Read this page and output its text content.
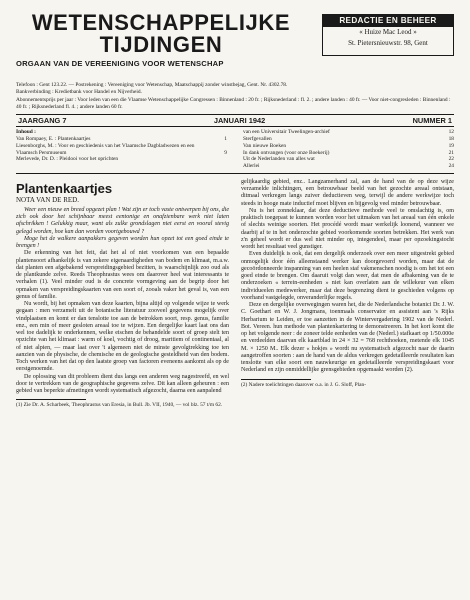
WETENSCHAPPELIJKE
TIJDINGEN
ORGAAN VAN DE VEREENIGING VOOR WETENSCHAP
REDACTIE EN BEHEER
« Huize Mac Leod »
St. Pietersnieuwstr. 98, Gent
Telefoon : Gent 123.22. — Postrekening : Vereeniging voor Wetenschap, Maatschappij zonder winstbejag, Gent. Nr. 4302.78.
Bankverbinding : Kredietbank voor Handel en Nijverheid.
Abonnementsprijs per jaar : Voor leden van een die Vlaamse Wetenschappelijke Congressen : Binnenland : 20 fr. ; Rijksnederland : fl. 2. ; andere landen : 40 fr. — Voor niet-congresleden : Binnenland : 40 fr. ; Rijksnederland fl. 4. ; andere landen 60 fr.
JAARGANG 7	JANUARI 1942	NUMMER 1
Inhoud :
Van Rompaey, E. : Plantenkaartjes	1
Liesenborghs, M. : Voor en geschiedenis van het Vlaamsche Dagbladwezen en een Vlaamsch Persmuseum	9
Merlevede, Dr. D. : Pleidooi voor het oprichten
van een Universitair Tweelingen-archief	12
Sterfgevallen	18
Van nieuwe Boeken	19
In dank ontvangen (voor onze Boekerij)	21
Uit de Nederlanden van alles wat	22
Allerlei	24
Plantenkaartjes
NOTA VAN DE RED.

Weer een nieuw en breed opgezet plan ! Wat zijn er toch vaste ontwerpen bij ons, die zich ook door het schijnbaar meest eentonige en onafzienbare werk niet laten afschrikken ! Gelukkig maar, want als zulke grondslagen niet eerst en vooral stevig gelegd worden, hoe kan dan worden voortgebouwd ?

Moge het de walkere aanpakkers gegeven worden hun opzet tot een goed einde te brengen !

De erkenning van het feit, dat het al of niet voorkomen van een bepaalde plantensoort afhankelijk is van zekere eigenaardigheden van bodem en klimaat, m.a.w. dat planten een afgebakend verspreidingsgebied bezitten, is waarschijnlijk zoo oud als de plantkunde zelve. Reeds Theophrastus wees om daarover heel wat interessants te verhalen (1). Veel minder oud is de concrete vormgeving aan de begrip door het opmaken van verspreidingskaarten van een soort of, zooals vaker het geval is, van een genus of familie.

Nu wordt, bij het opmaken van deze kaarten, bijna altijd op volgende wijze te werk gegaan : men verzamelt uit de botanische literatuur zooveel gegevens mogelijk over vindplaatsen en komt er dan tenslotte toe aan de betrokken soort, resp. genus, familie enz., een min of meer gesloten areaal toe te wijzen. Een dergelijke kaart laat ons dan wel toe dadelijk te onderkennen, welke eischen de behandelde soort of groep stelt ten opzichte van het klimaat : warm of koel, vochtig of droog, maritiem of continentaal, al of niet alpien, — maar laat over 't algemeen niet de minste gevolgtrekking toe ten aanzien van de physische, de chemische en de geologische gesteldheid van den bodem. Toch werken van het dat op den laatste groep van factoren eveneens aankomt als op de eerstgenoemde.

De oplossing van dit probleem dient dus langs een anderen weg nagestreefd, en wel door te vertrekken van de geographische gegevens zelve. Dit kan alleen geheuren : een gebied van beperkte afmetingen wordt systematisch afgezocht, daarna een aanpalend

(1) Zie Dr. A. Scharbeek, Theophrastus van Eresia, in Bull. Jb. VII, 1940, — vol blz. 57 t/m 62.

gelijkaardig gebied, enz.. Langzamerhand zal, aan de hand van de op deze wijze verzamelde inlichtingen, een betrouwbaar beeld van het gezochte areaal ontstaan, ditmaal verkregen langs zuiver deductieven weg, terwijl de andere werkwijze toch steeds in hooge mate inductief moet blijven en bijgevolg veel minder betrouwbaar.

Nu is het zonneklaar, dat deze deductieve methode veel te omslachtig is, om praktisch toegepast te kunnen worden voor het uitmaken van het areaal van één enkele of slechts weinige soorten. Het procédé wordt maar werkelijk loonend, wanneer we daarbij af te in het onderzochte gebied voorkomende soorten betrekken. Het werk van z'n geheel wordt er dus wel niet minder op, integendeel, maar per opzoekingstocht wordt het resultaat veel gunstiger.

Even duidelijk is ook, dat een dergelijk onderzoek over een meer uitgestrekt gebied onmogelijk door één alleenstaand werker kan doorgevoerd worden, maar dat de gecoördonneerde inspanning van een heelen staf vakmenschen noodig is om het tot een goed einde te brengen. Om daaruit volgt dan weer, dat men de afbakening van de te onderzoeken « terrein-eenheden » niet kan overlaten aan de willekeur van elken individueelen medewerker, maar dat deze begrenzing dient te geschieden volgens op voorhand vastgelegde, onveranderlijke regels.

Deze en dergelijke overwegingen waren het, die de Nederlandsche botanici Dr. J. W. C. Goethart en W. J. Jongmans, toenmaals conservator en assistent aan 's Rijks Herbarium te Leiden, er toe aanzetten in de Wintervergadering 1902 van de Nederl. Bot. Vereen. hun methode van plantenkartering te demonstreeren. In het kort komt die op het volgende neer : de zoneer telde eenheden van de (Nederl.) stafkaart op 1/50.000e en verdeelden daarvan elk kaartblad in 24 × 32 = 768 rechthoeken, metende elk 1045 M. × 1250 M.. Elk dezer « hokjes » wordt nu systematisch afgezocht naar de daarin aangetroffen soorten : aan de hand van de aldus verkregen gedetailleerde resultaten kan tenslotte van elke soort een nauwkeurige en gedetailleerde verspreidingskaart voor Nederland en zijn onmiddellijke grensgebieden opgemaakt worden (2).

(2) Nadere toelichtingen daarover o.a. in J. G. Sloff, Plan-
